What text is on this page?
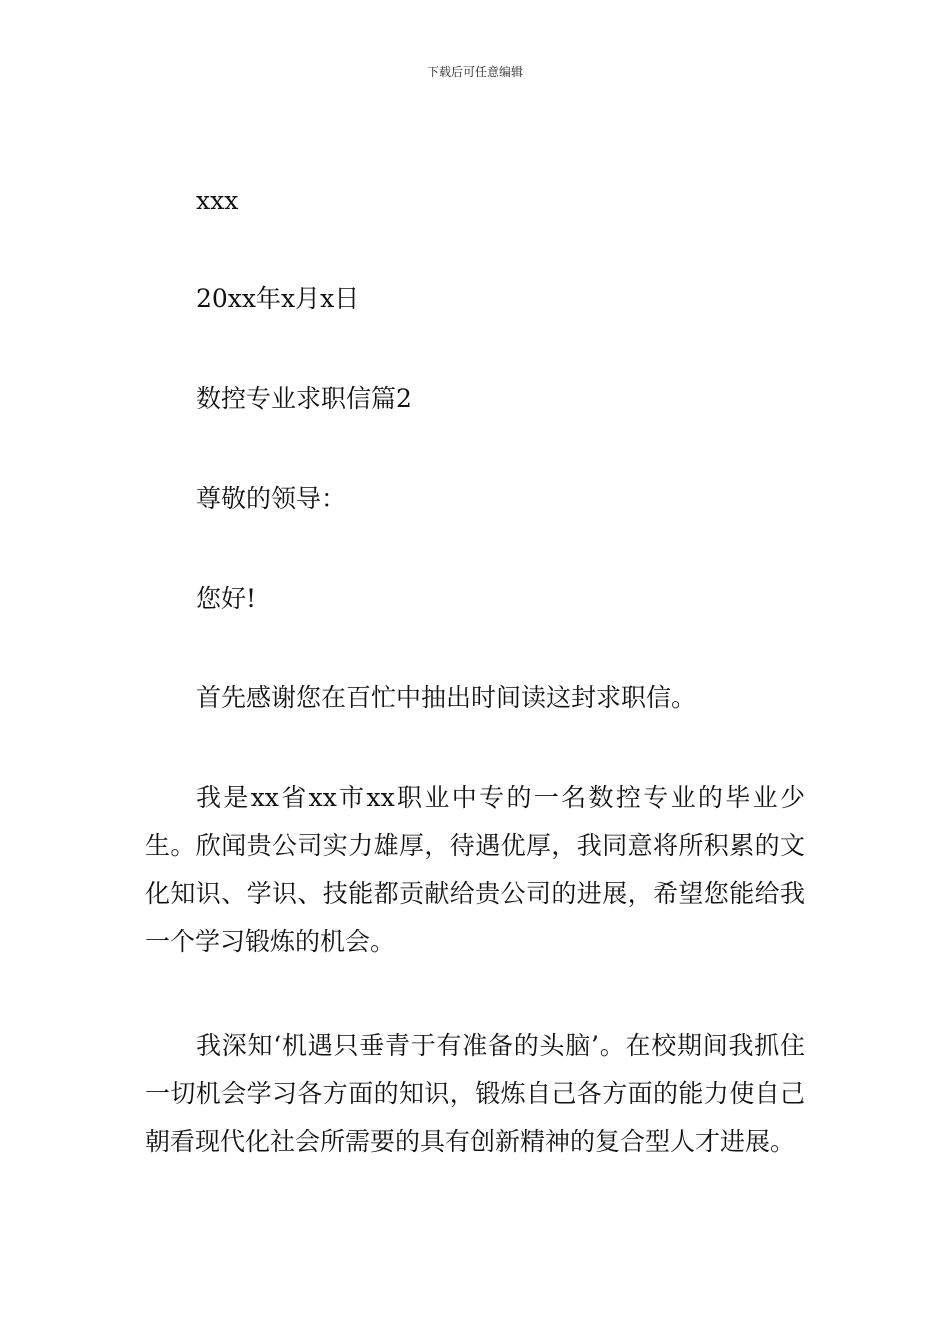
下载后可任意编辑
xxx
20xx年x月x日
数控专业求职信篇2
尊敬的领导：
您好!
首先感谢您在百忙中抽出时间读这封求职信。

我是xx省xx市xx职业中专的一名数控专业的毕业少生。欣闻贵公司实力雄厚，待遇优厚，我同意将所积累的文化知识、学识、技能都贡献给贵公司的进展，希望您能给我一个学习锻炼的机会。

我深知‘机遇只垂青于有准备的头脑’。在校期间我抓住一切机会学习各方面的知识，锻炼自己各方面的能力使自己朝看现代化社会所需要的具有创新精神的复合型人才进展。
